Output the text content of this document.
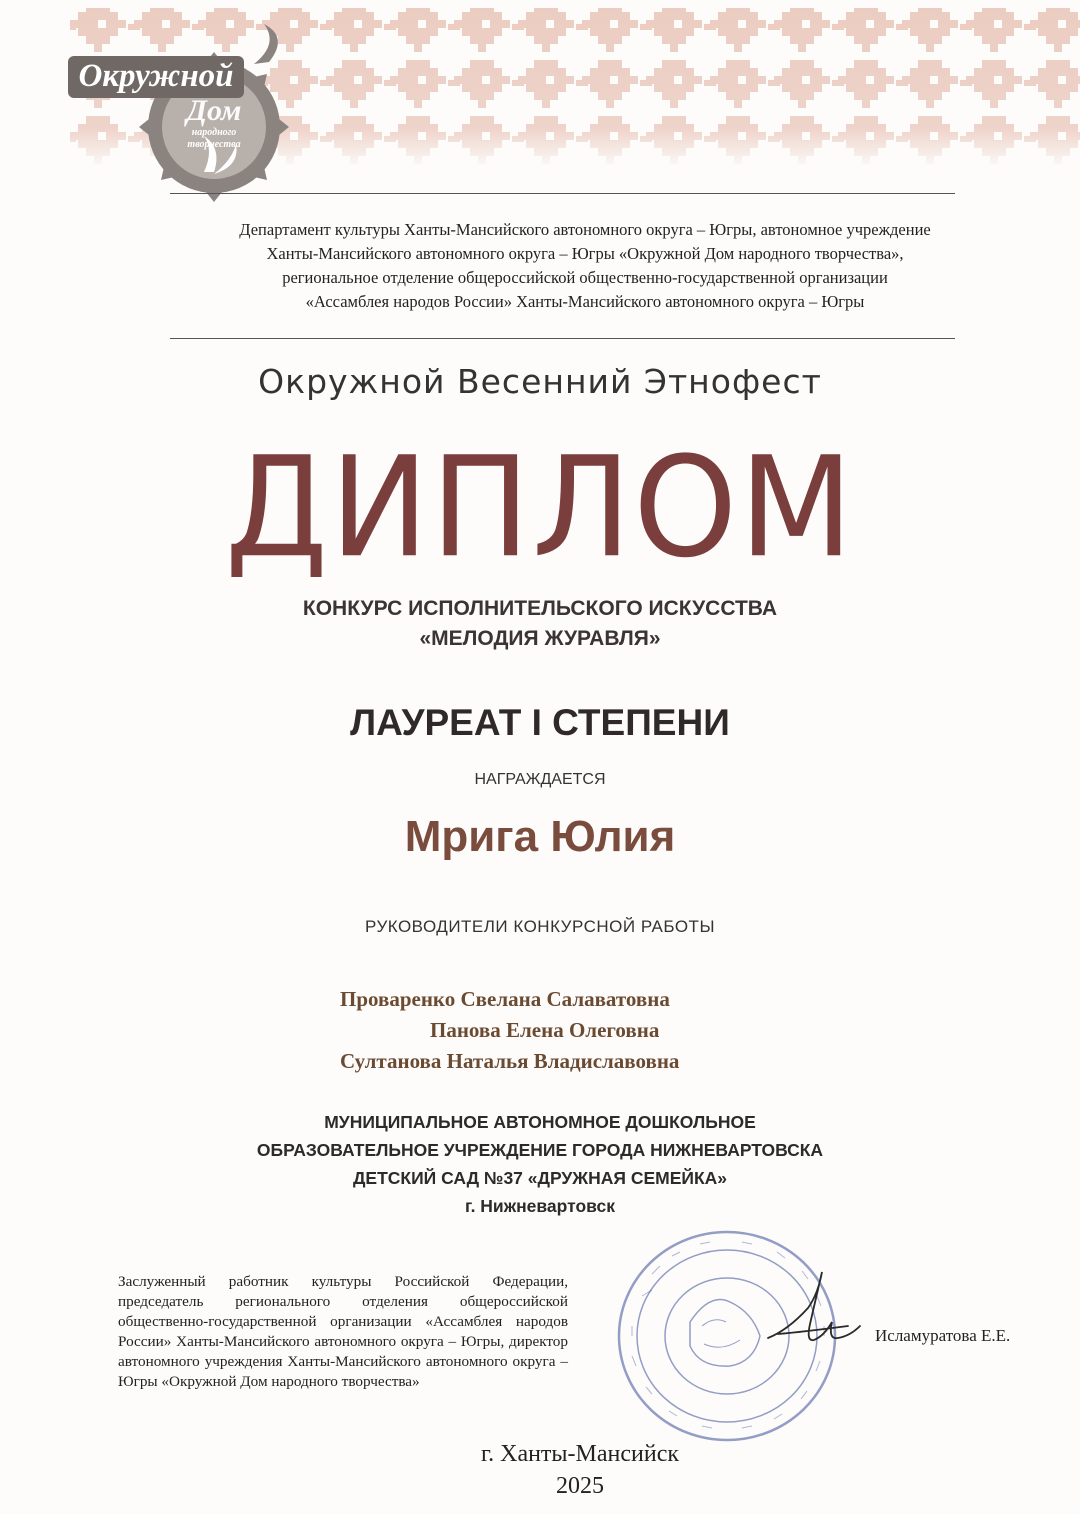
Окружной
Дом
народного
творчества
Департамент культуры Ханты-Мансийского автономного округа – Югры, автономное учреждение
Ханты-Мансийского автономного округа – Югры «Окружной Дом народного творчества»,
региональное отделение общероссийской общественно-государственной организации
«Ассамблея народов России» Ханты-Мансийского автономного округа – Югры
Окружной Весенний Этнофест
ДИПЛОМ
КОНКУРС ИСПОЛНИТЕЛЬСКОГО ИСКУССТВА
«МЕЛОДИЯ ЖУРАВЛЯ»
ЛАУРЕАТ I СТЕПЕНИ
НАГРАЖДАЕТСЯ
Мрига Юлия
РУКОВОДИТЕЛИ КОНКУРСНОЙ РАБОТЫ
Проваренко Свелана Салаватовна
Панова Елена Олеговна
Султанова Наталья Владиславовна
МУНИЦИПАЛЬНОЕ АВТОНОМНОЕ ДОШКОЛЬНОЕ
ОБРАЗОВАТЕЛЬНОЕ УЧРЕЖДЕНИЕ ГОРОДА НИЖНЕВАРТОВСКА
ДЕТСКИЙ САД №37 «ДРУЖНАЯ СЕМЕЙКА»
г. Нижневартовск
Заслуженный работник культуры Российской Федерации, председатель регионального отделения общероссийской общественно-государственной организации «Ассамблея народов России» Ханты-Мансийского автономного округа – Югры, директор автономного учреждения Ханты-Мансийского автономного округа – Югры «Окружной Дом народного творчества»
Исламуратова Е.Е.
г. Ханты-Мансийск
2025
